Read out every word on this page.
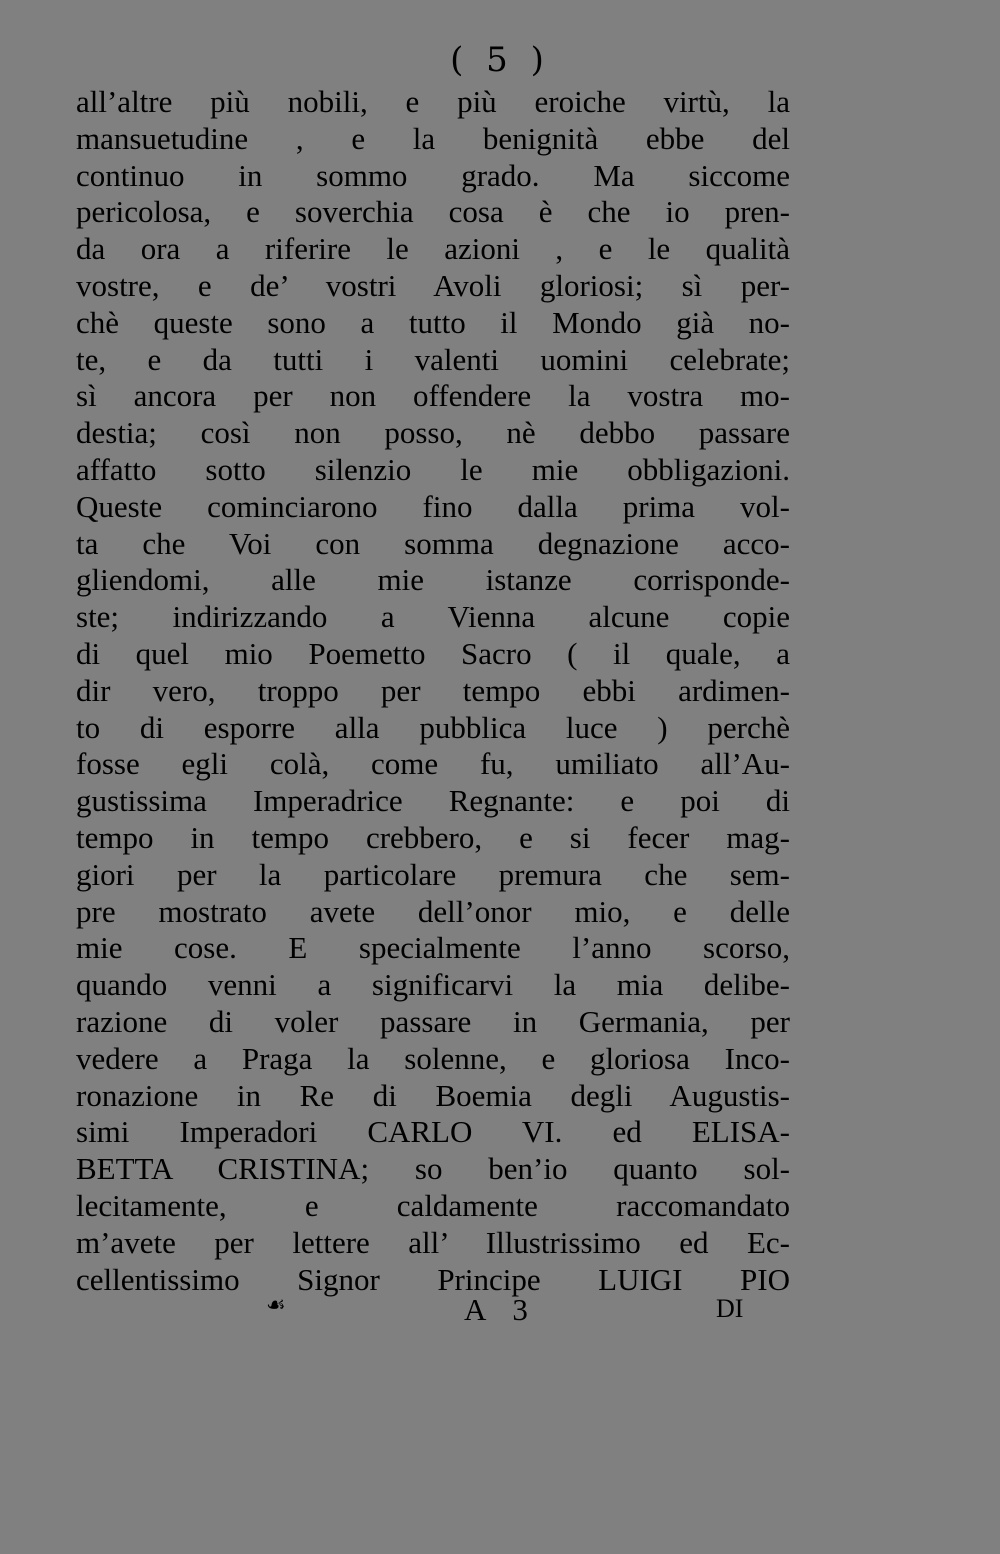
( 5 )
all’altre più nobili, e più eroiche virtù, la
mansuetudine , e la benignità ebbe del
continuo in sommo grado. Ma siccome
pericolosa, e soverchia cosa è che io pren-
da ora a riferire le azioni , e le qualità
vostre, e de’ vostri Avoli gloriosi; sì per-
chè queste sono a tutto il Mondo già no-
te, e da tutti i valenti uomini celebrate;
sì ancora per non offendere la vostra mo-
destia; così non posso, nè debbo passare
affatto sotto silenzio le mie obbligazioni.
Queste cominciarono fino dalla prima vol-
ta che Voi con somma degnazione acco-
gliendomi, alle mie istanze corrisponde-
ste; indirizzando a Vienna alcune copie
di quel mio Poemetto Sacro ( il quale, a
dir vero, troppo per tempo ebbi ardimen-
to di esporre alla pubblica luce ) perchè
fosse egli colà, come fu, umiliato all’Au-
gustissima Imperadrice Regnante: e poi di
tempo in tempo crebbero, e si fecer mag-
giori per la particolare premura che sem-
pre mostrato avete dell’onor mio, e delle
mie cose. E specialmente l’anno scorso,
quando venni a significarvi la mia delibe-
razione di voler passare in Germania, per
vedere a Praga la solenne, e gloriosa Inco-
ronazione in Re di Boemia degli Augustis-
simi Imperadori CARLO VI. ed ELISA-
BETTA CRISTINA; so ben’io quanto sol-
lecitamente, e caldamente raccomandato
m’avete per lettere all’ Illustrissimo ed Ec-
cellentissimo Signor Principe LUIGI PIO
☙	A 3	DI
